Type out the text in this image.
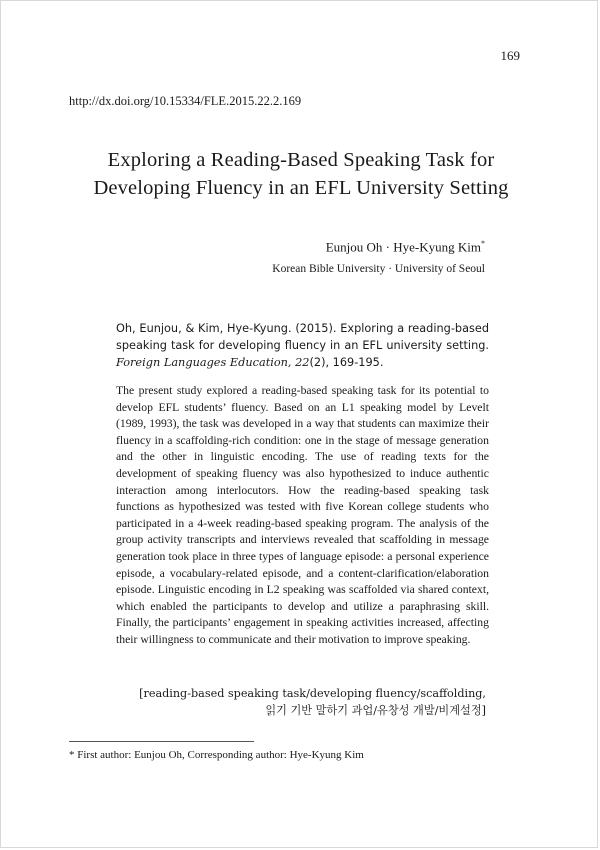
169
http://dx.doi.org/10.15334/FLE.2015.22.2.169
Exploring a Reading-Based Speaking Task for
Developing Fluency in an EFL University Setting
Eunjou Oh · Hye-Kyung Kim*
Korean Bible University · University of Seoul
Oh, Eunjou, & Kim, Hye-Kyung. (2015). Exploring a reading-based speaking task for developing fluency in an EFL university setting. Foreign Languages Education, 22(2), 169-195.
The present study explored a reading-based speaking task for its potential to develop EFL students’ fluency. Based on an L1 speaking model by Levelt (1989, 1993), the task was developed in a way that students can maximize their fluency in a scaffolding-rich condition: one in the stage of message generation and the other in linguistic encoding. The use of reading texts for the development of speaking fluency was also hypothesized to induce authentic interaction among interlocutors. How the reading-based speaking task functions as hypothesized was tested with five Korean college students who participated in a 4-week reading-based speaking program. The analysis of the group activity transcripts and interviews revealed that scaffolding in message generation took place in three types of language episode: a personal experience episode, a vocabulary-related episode, and a content-clarification/elaboration episode. Linguistic encoding in L2 speaking was scaffolded via shared context, which enabled the participants to develop and utilize a paraphrasing skill. Finally, the participants’ engagement in speaking activities increased, affecting their willingness to communicate and their motivation to improve speaking.
[reading-based speaking task/developing fluency/scaffolding,
읽기 기반 말하기 과업/유창성 개발/비계설정]
* First author: Eunjou Oh, Corresponding author: Hye-Kyung Kim
